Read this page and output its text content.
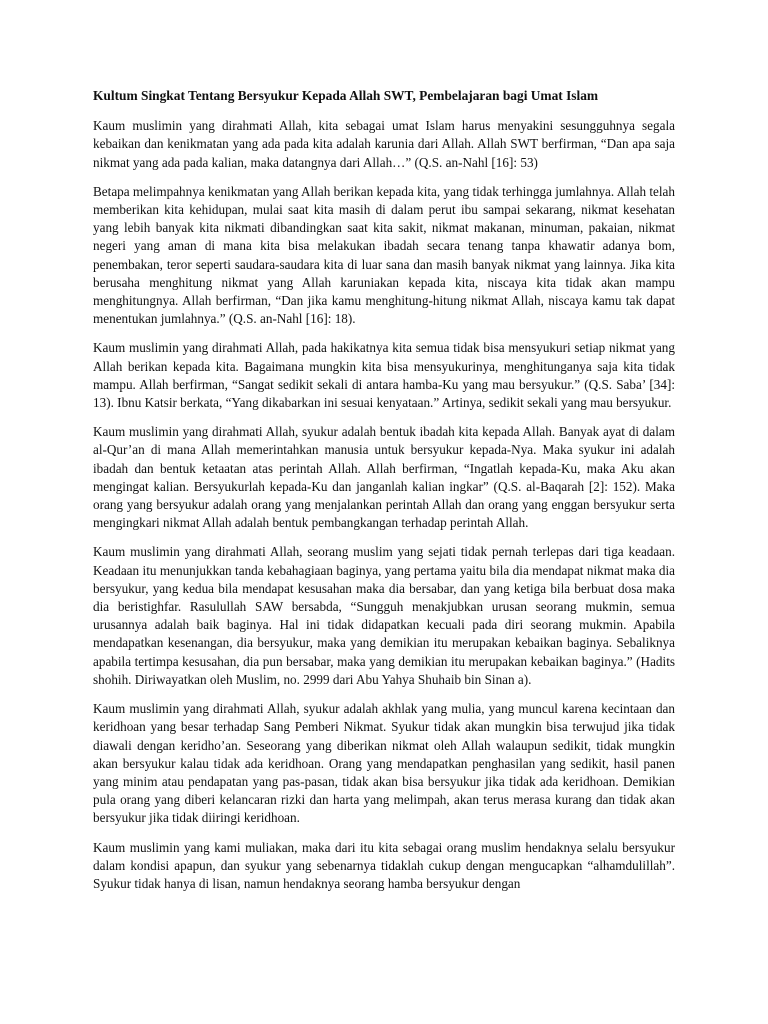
Kultum Singkat Tentang Bersyukur Kepada Allah SWT, Pembelajaran bagi Umat Islam

Kaum muslimin yang dirahmati Allah, kita sebagai umat Islam harus menyakini sesungguhnya segala kebaikan dan kenikmatan yang ada pada kita adalah karunia dari Allah. Allah SWT berfirman, “Dan apa saja nikmat yang ada pada kalian, maka datangnya dari Allah…” (Q.S. an-Nahl [16]: 53)

Betapa melimpahnya kenikmatan yang Allah berikan kepada kita, yang tidak terhingga jumlahnya. Allah telah memberikan kita kehidupan, mulai saat kita masih di dalam perut ibu sampai sekarang, nikmat kesehatan yang lebih banyak kita nikmati dibandingkan saat kita sakit, nikmat makanan, minuman, pakaian, nikmat negeri yang aman di mana kita bisa melakukan ibadah secara tenang tanpa khawatir adanya bom, penembakan, teror seperti saudara-saudara kita di luar sana dan masih banyak nikmat yang lainnya. Jika kita berusaha menghitung nikmat yang Allah karuniakan kepada kita, niscaya kita tidak akan mampu menghitungnya. Allah berfirman, “Dan jika kamu menghitung-hitung nikmat Allah, niscaya kamu tak dapat menentukan jumlahnya.” (Q.S. an-Nahl [16]: 18).

Kaum muslimin yang dirahmati Allah, pada hakikatnya kita semua tidak bisa mensyukuri setiap nikmat yang Allah berikan kepada kita. Bagaimana mungkin kita bisa mensyukurinya, menghitunganya saja kita tidak mampu. Allah berfirman, “Sangat sedikit sekali di antara hamba-Ku yang mau bersyukur.” (Q.S. Saba’ [34]: 13). Ibnu Katsir berkata, “Yang dikabarkan ini sesuai kenyataan.” Artinya, sedikit sekali yang mau bersyukur.

Kaum muslimin yang dirahmati Allah, syukur adalah bentuk ibadah kita kepada Allah. Banyak ayat di dalam al-Qur’an di mana Allah memerintahkan manusia untuk bersyukur kepada-Nya. Maka syukur ini adalah ibadah dan bentuk ketaatan atas perintah Allah. Allah berfirman, “Ingatlah kepada-Ku, maka Aku akan mengingat kalian. Bersyukurlah kepada-Ku dan janganlah kalian ingkar” (Q.S. al-Baqarah [2]: 152). Maka orang yang bersyukur adalah orang yang menjalankan perintah Allah dan orang yang enggan bersyukur serta mengingkari nikmat Allah adalah bentuk pembangkangan terhadap perintah Allah.

Kaum muslimin yang dirahmati Allah, seorang muslim yang sejati tidak pernah terlepas dari tiga keadaan. Keadaan itu menunjukkan tanda kebahagiaan baginya, yang pertama yaitu bila dia mendapat nikmat maka dia bersyukur, yang kedua bila mendapat kesusahan maka dia bersabar, dan yang ketiga bila berbuat dosa maka dia beristighfar. Rasulullah SAW bersabda, “Sungguh menakjubkan urusan seorang mukmin, semua urusannya adalah baik baginya. Hal ini tidak didapatkan kecuali pada diri seorang mukmin. Apabila mendapatkan kesenangan, dia bersyukur, maka yang demikian itu merupakan kebaikan baginya. Sebaliknya apabila tertimpa kesusahan, dia pun bersabar, maka yang demikian itu merupakan kebaikan baginya.” (Hadits shohih. Diriwayatkan oleh Muslim, no. 2999 dari Abu Yahya Shuhaib bin Sinan a).

Kaum muslimin yang dirahmati Allah, syukur adalah akhlak yang mulia, yang muncul karena kecintaan dan keridhoan yang besar terhadap Sang Pemberi Nikmat. Syukur tidak akan mungkin bisa terwujud jika tidak diawali dengan keridho’an. Seseorang yang diberikan nikmat oleh Allah walaupun sedikit, tidak mungkin akan bersyukur kalau tidak ada keridhoan. Orang yang mendapatkan penghasilan yang sedikit, hasil panen yang minim atau pendapatan yang pas-pasan, tidak akan bisa bersyukur jika tidak ada keridhoan. Demikian pula orang yang diberi kelancaran rizki dan harta yang melimpah, akan terus merasa kurang dan tidak akan bersyukur jika tidak diiringi keridhoan.

Kaum muslimin yang kami muliakan, maka dari itu kita sebagai orang muslim hendaknya selalu bersyukur dalam kondisi apapun, dan syukur yang sebenarnya tidaklah cukup dengan mengucapkan “alhamdulillah”. Syukur tidak hanya di lisan, namun hendaknya seorang hamba bersyukur dengan
